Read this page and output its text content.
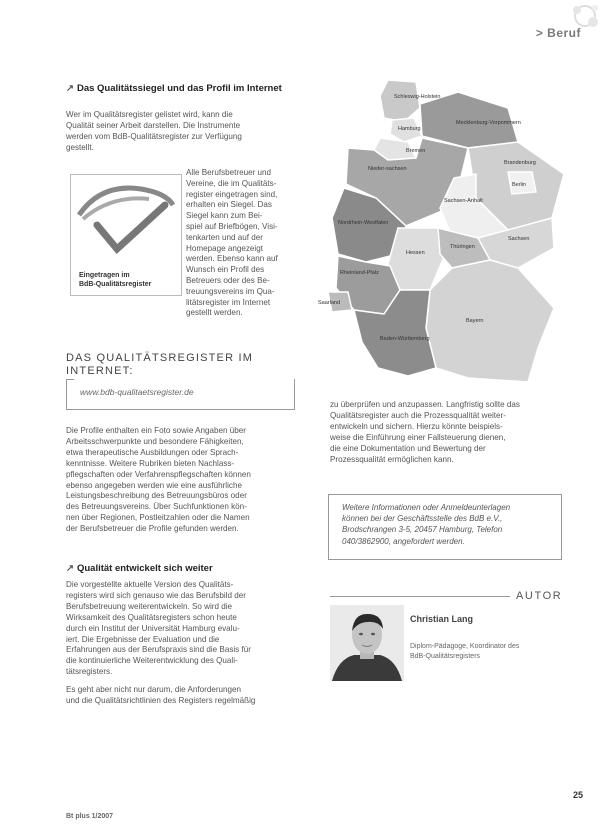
> Beruf
↗ Das Qualitätssiegel und das Profil im Internet
Wer im Qualitätsregister gelistet wird, kann die
Qualität seiner Arbeit darstellen. Die Instrumente
werden vom BdB-Qualitätsregister zur Verfügung
gestellt.
Eingetragen im
BdB-Qualitätsregister
Alle Berufsbetreuer und
Vereine, die im Qualitäts-
register eingetragen sind,
erhalten ein Siegel. Das
Siegel kann zum Bei-
spiel auf Briefbögen, Visi-
tenkarten und auf der
Homepage angezeigt
werden. Ebenso kann auf
Wunsch ein Profil des
Betreuers oder des Be-
treuungsvereins im Qua-
litätsregister im Internet
gestellt werden.
DAS QUALITÄTSREGISTER IM
INTERNET:
www.bdb-qualitaetsregister.de
Die Profile enthalten ein Foto sowie Angaben über
Arbeitsschwerpunkte und besondere Fähigkeiten,
etwa therapeutische Ausbildungen oder Sprach-
kenntnisse. Weitere Rubriken bieten Nachlass-
pflegschaften oder Verfahrenspflegschaften können
ebenso angegeben werden wie eine ausführliche
Leistungsbeschreibung des Betreuungsbüros oder
des Betreuungsvereins. Über Suchfunktionen kön-
nen über Regionen, Postleitzahlen oder die Namen
der Berufsbetreuer die Profile gefunden werden.
↗ Qualität entwickelt sich weiter
Die vorgestellte aktuelle Version des Qualitäts-
registers wird sich genauso wie das Berufsbild der
Berufsbetreuung weiterentwickeln. So wird die
Wirksamkeit des Qualitätsregisters schon heute
durch ein Institut der Universität Hamburg evalu-
iert. Die Ergebnisse der Evaluation und die
Erfahrungen aus der Berufspraxis sind die Basis für
die kontinuierliche Weiterentwicklung des Quali-
tätsregisters.
Es geht aber nicht nur darum, die Anforderungen
und die Qualitätsrichtlinien des Registers regelmäßig
Schleswig-Holstein
Hamburg
Bremen
Mecklenburg-Vorpommern
Nieder-sachsen
Brandenburg
Berlin
Sachsen-Anhalt
Nordrhein-Westfalen
Hessen
Thüringen
Sachsen
Rheinland-Pfalz
Saarland
Bayern
Baden-Württemberg
zu überprüfen und anzupassen. Langfristig sollte das
Qualitätsregister auch die Prozessqualität weiter-
entwickeln und sichern. Hierzu könnte beispiels-
weise die Einführung einer Fallsteuerung dienen,
die eine Dokumentation und Bewertung der
Prozessqualität ermöglichen kann.
Weitere Informationen oder Anmeldeunterlagen
können bei der Geschäftsstelle des BdB e.V.,
Brodschrangen 3-5, 20457 Hamburg, Telefon
040/3862900, angefordert werden.
AUTOR
Christian Lang
Diplom-Pädagoge, Koordinator des
BdB-Qualitätsregisters
25
Bt plus 1/2007
